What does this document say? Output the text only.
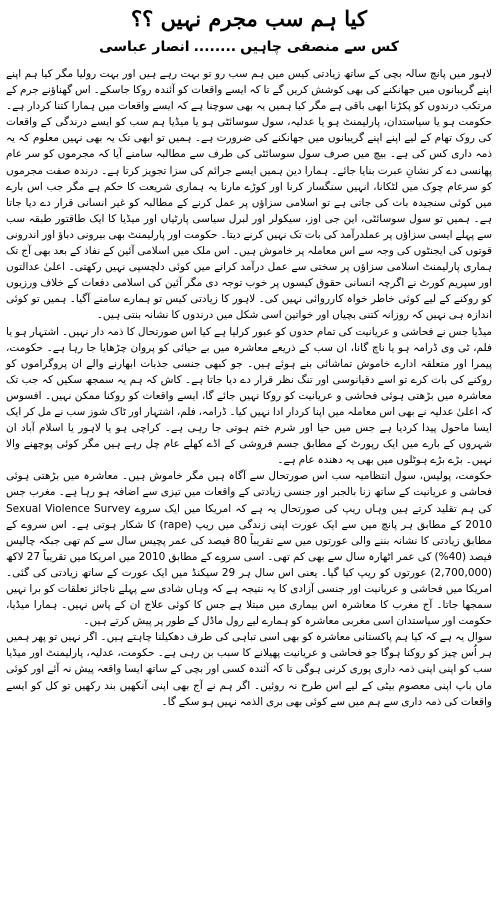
کیا ہم سب مجرم نہیں ؟؟
کس سے منصفی چاہیں........انصار عباسی

لاہور میں پانچ سالہ بچی کے ساتھ زیادتی کیس میں ہم سب رو تو بہت رہے ہیں اور بہت رولیا مگر کیا ہم اپنے اپنے گریبانوں میں جھانکنے کی بھی کوشش کریں گے تا کہ ایسے واقعات کو آئندہ روکا جاسکے۔ اس گھناؤنے جرم کے مرتکب درندوں کو پکڑنا ابھی باقی ہے مگر کیا ہمیں یہ بھی سوچنا ہے کہ ایسے واقعات میں ہمارا کتنا کردار ہے۔ حکومت ہو یا سیاستدان، پارلیمنٹ ہو یا عدلیہ، سول سوسائٹی ہو یا میڈیا ہم سب کو ایسے درندگی کے واقعات کی روک تھام کے لیے اپنے اپنے گریبانوں میں جھانکنے کی ضرورت ہے۔ ہمیں تو ابھی تک یہ بھی نہیں معلوم کہ یہ ذمہ داری کس کی ہے۔ بیچ میں صرف سول سوسائٹی کی طرف سے مطالبہ سامنے آیا کہ مجرموں کو سر عام پھانسی دے کر نشانِ عبرت بنایا جائے۔ ہمارا دین ہمیں ایسے جرائم کی سزا تجویز کرتا ہے۔ درندہ صفت مجرموں کو سرعام چوک میں لٹکانا، انہیں سنگسار کرنا اور کوڑے مارنا یہ ہماری شریعت کا حکم ہے مگر جب اس بارے میں کوئی سنجیدہ بات کی جاتی ہے تو اسلامی سزاؤں پر عمل کرنے کے مطالبہ کو غیر انسانی قرار دے دیا جاتا ہے۔ ہمیں تو سول سوسائٹی، این جی اوز، سیکولر اور لبرل سیاسی پارٹیاں اور میڈیا کا ایک طاقتور طبقہ سب سے پہلے ایسی سزاؤں پر عملدرآمد کی بات تک نہیں کرنے دیتا۔ حکومت اور پارلیمنٹ بھی بیرونی دباؤ اور اندرونی قوتوں کی ایجنٹوں کی وجہ سے اس معاملہ پر خاموش ہیں۔ اس ملک میں اسلامی آئین کے نفاذ کے بعد بھی آج تک ہماری پارلیمنٹ اسلامی سزاؤں پر سختی سے عمل درآمد کرانے میں کوئی دلچسپی نہیں رکھتی۔ اعلیٰ عدالتوں اور سپریم کورٹ نے اگرچہ انسانی حقوق کیسوں پر خوب توجہ دی مگر آئین کی اسلامی دفعات کے خلاف ورزیوں کو روکنے کے لیے کوئی خاطر خواہ کارروائی نہیں کی۔ لاہور کا زیادتی کیس تو ہمارے سامنے آگیا۔ ہمیں تو کوئی اندازہ ہی نہیں کہ روزانہ کتنی بچیاں اور خواتین اسی شکل میں درندوں کا نشانہ بنتی ہیں۔

میڈیا جس نے فحاشی و عریانیت کی تمام حدوں کو عبور کرلیا ہے کیا اس صورتحال کا ذمہ دار نہیں۔ اشتہار ہو یا فلم، ٹی وی ڈرامہ ہو یا ناچ گانا، ان سب کے ذریعے معاشرہ میں بے حیائی کو پروان چڑھایا جا رہا ہے۔ حکومت، پیمرا اور متعلقہ ادارے خاموش تماشائی بنے ہوئے ہیں۔ جو کبھی جنسی جذبات ابھارنے والے ان پروگراموں کو روکنے کی بات کرے تو اسے دقیانوسی اور تنگ نظر قرار دے دیا جاتا ہے۔ کاش کہ ہم یہ سمجھ سکیں کہ جب تک معاشرہ میں بڑھتی ہوئی فحاشی و عریانیت کو روکا نہیں جائے گا، ایسے واقعات کو روکنا ممکن نہیں۔ افسوس کہ اعلیٰ عدلیہ نے بھی اس معاملہ میں اپنا کردار ادا نہیں کیا۔ ڈرامہ، فلم، اشتہار اور ٹاک شوز سب نے مل کر ایک ایسا ماحول پیدا کردیا ہے جس میں حیا اور شرم ختم ہوتی جا رہی ہے۔ کراچی ہو یا لاہور یا اسلام آباد ان شہروں کے بارے میں ایک رپورٹ کے مطابق جسم فروشی کے اڈے کھلے عام چل رہے ہیں مگر کوئی پوچھنے والا نہیں۔ بڑے بڑے ہوٹلوں میں بھی یہ دھندہ عام ہے۔

حکومت، پولیس، سول انتظامیہ سب اس صورتحال سے آگاہ ہیں مگر خاموش ہیں۔ معاشرہ میں بڑھتی ہوئی فحاشی و عریانیت کے ساتھ زنا بالجبر اور جنسی زیادتی کے واقعات میں تیزی سے اضافہ ہو رہا ہے۔ مغرب جس کی ہم تقلید کرتے ہیں وہاں ریپ کی صورتحال یہ ہے کہ امریکا میں ایک سروے Sexual Violence Survey 2010 کے مطابق ہر پانچ میں سے ایک عورت اپنی زندگی میں ریپ (rape) کا شکار ہوتی ہے۔ اس سروے کے مطابق زیادتی کا نشانہ بننے والی عورتوں میں سے تقریباً 80 فیصد کی عمر پچیس سال سے کم تھی جبکہ چالیس فیصد (40%) کی عمر اٹھارہ سال سے بھی کم تھی۔ اسی سروے کے مطابق 2010 میں امریکا میں تقریباً 27 لاکھ (2,700,000) عورتوں کو ریپ کیا گیا۔ یعنی اس سال ہر 29 سیکنڈ میں ایک عورت کے ساتھ زیادتی کی گئی۔ امریکا میں فحاشی و عریانیت اور جنسی آزادی کا یہ نتیجہ ہے کہ وہاں شادی سے پہلے ناجائز تعلقات کو برا نہیں سمجھا جاتا۔ آج مغرب کا معاشرہ اس بیماری میں مبتلا ہے جس کا کوئی علاج ان کے پاس نہیں۔ ہمارا میڈیا، حکومت اور سیاستدان اسی مغربی معاشرہ کو ہمارے لیے رول ماڈل کے طور پر پیش کرتے ہیں۔

سوال یہ ہے کہ کیا ہم پاکستانی معاشرہ کو بھی اسی تباہی کی طرف دھکیلنا چاہتے ہیں۔ اگر نہیں تو پھر ہمیں ہر اُس چیز کو روکنا ہوگا جو فحاشی و عریانیت پھیلانے کا سبب بن رہی ہے۔ حکومت، عدلیہ، پارلیمنٹ اور میڈیا سب کو اپنی اپنی ذمہ داری پوری کرنی ہوگی تا کہ آئندہ کسی اور بچی کے ساتھ ایسا واقعہ پیش نہ آئے اور کوئی ماں باپ اپنی معصوم بیٹی کے لیے اس طرح نہ روئیں۔ اگر ہم نے آج بھی اپنی آنکھیں بند رکھیں تو کل کو ایسے واقعات کی ذمہ داری سے ہم میں سے کوئی بھی بری الذمہ نہیں ہو سکے گا۔
